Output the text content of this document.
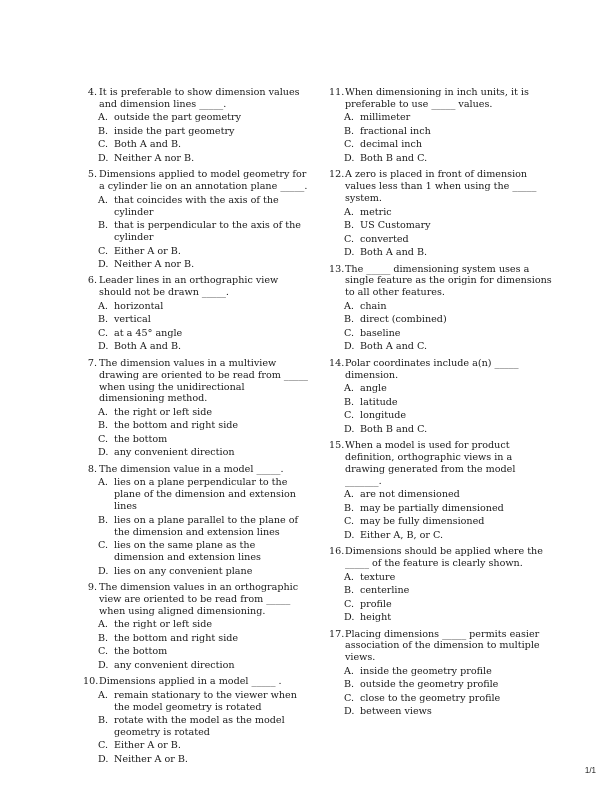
4. It is preferable to show dimension values and dimension lines _____.
A. outside the part geometry
B. inside the part geometry
C. Both A and B.
D. Neither A nor B.
5. Dimensions applied to model geometry for a cylinder lie on an annotation plane _____.
A. that coincides with the axis of the cylinder
B. that is perpendicular to the axis of the cylinder
C. Either A or B.
D. Neither A nor B.
6. Leader lines in an orthographic view should not be drawn _____.
A. horizontal
B. vertical
C. at a 45° angle
D. Both A and B.
7. The dimension values in a multiview drawing are oriented to be read from _____ when using the unidirectional dimensioning method.
A. the right or left side
B. the bottom and right side
C. the bottom
D. any convenient direction
8. The dimension value in a model _____.
A. lies on a plane perpendicular to the plane of the dimension and extension lines
B. lies on a plane parallel to the plane of the dimension and extension lines
C. lies on the same plane as the dimension and extension lines
D. lies on any convenient plane
9. The dimension values in an orthographic view are oriented to be read from _____ when using aligned dimensioning.
A. the right or left side
B. the bottom and right side
C. the bottom
D. any convenient direction
10. Dimensions applied in a model _____ .
A. remain stationary to the viewer when the model geometry is rotated
B. rotate with the model as the model geometry is rotated
C. Either A or B.
D. Neither A or B.
11. When dimensioning in inch units, it is preferable to use _____ values.
A. millimeter
B. fractional inch
C. decimal inch
D. Both B and C.
12. A zero is placed in front of dimension values less than 1 when using the _____ system.
A. metric
B. US Customary
C. converted
D. Both A and B.
13. The _____ dimensioning system uses a single feature as the origin for dimensions to all other features.
A. chain
B. direct (combined)
C. baseline
D. Both A and C.
14. Polar coordinates include a(n) _____ dimension.
A. angle
B. latitude
C. longitude
D. Both B and C.
15. When a model is used for product definition, orthographic views in a drawing generated from the model _______.
A. are not dimensioned
B. may be partially dimensioned
C. may be fully dimensioned
D. Either A, B, or C.
16. Dimensions should be applied where the _____ of the feature is clearly shown.
A. texture
B. centerline
C. profile
D. height
17. Placing dimensions _____ permits easier association of the dimension to multiple views.
A. inside the geometry profile
B. outside the geometry profile
C. close to the geometry profile
D. between views
1/1
